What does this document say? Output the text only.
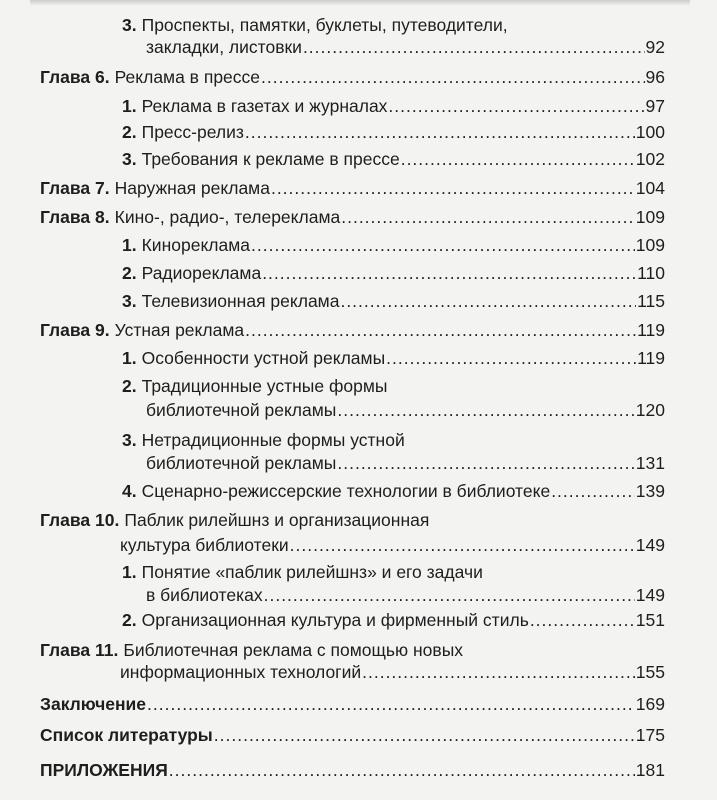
3. Проспекты, памятки, буклеты, путеводители,
закладки, листовки .....	92
Глава 6. Реклама в прессе .....	96
1. Реклама в газетах и журналах .....	97
2. Пресс-релиз .....	100
3. Требования к рекламе в прессе .....	102
Глава 7. Наружная реклама .....	104
Глава 8. Кино-, радио-, телереклама .....	109
1. Кинореклама .....	109
2. Радиореклама .....	110
3. Телевизионная реклама .....	115
Глава 9. Устная реклама .....	119
1. Особенности устной рекламы .....	119
2. Традиционные устные формы
библиотечной рекламы .....	120
3. Нетрадиционные формы устной
библиотечной рекламы .....	131
4. Сценарно-режиссерские технологии в библиотеке .....	139
Глава 10. Паблик рилейшнз и организационная
культура библиотеки .....	149
1. Понятие «паблик рилейшнз» и его задачи
в библиотеках .....	149
2. Организационная культура и фирменный стиль .....	151
Глава 11. Библиотечная реклама с помощью новых
информационных технологий .....	155
Заключение .....	169
Список литературы .....	175
ПРИЛОЖЕНИЯ .....	181
